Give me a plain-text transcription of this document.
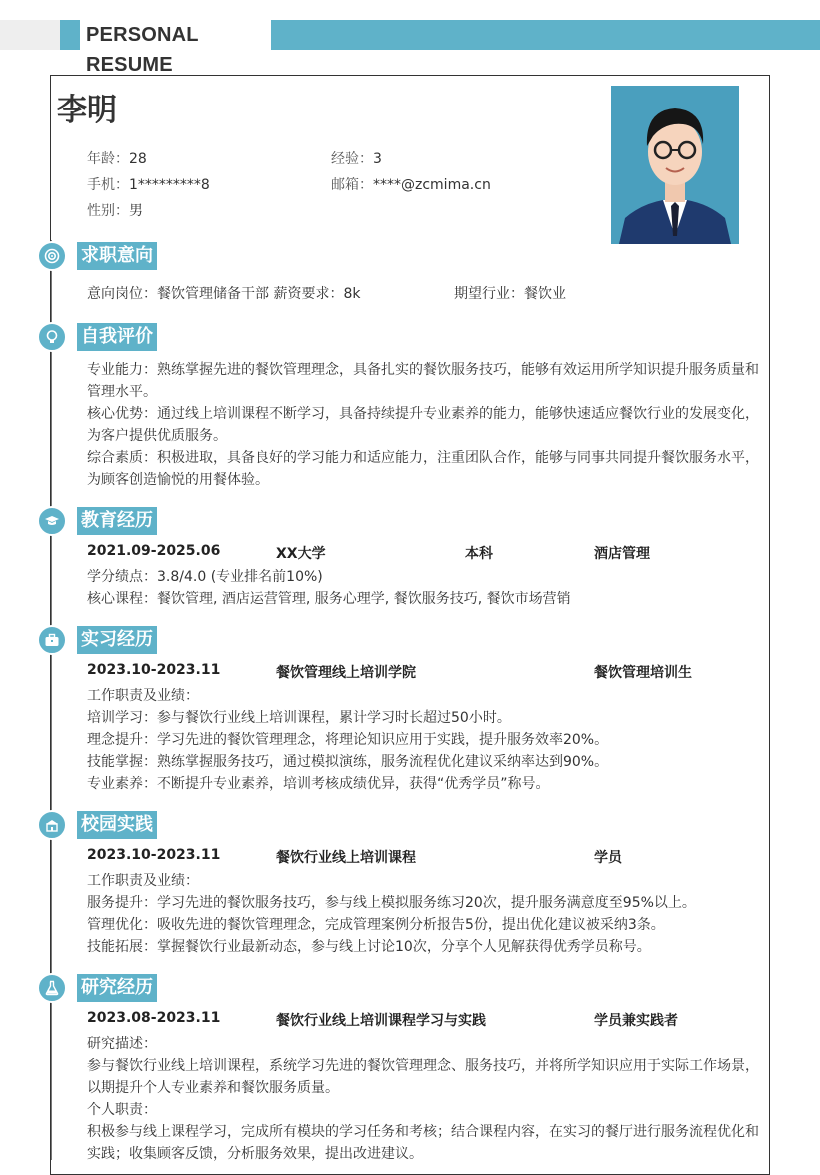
PERSONAL RESUME
李明
年龄：28	经验：3
手机：1*********8	邮箱：****@zcmima.cn
性别：男
求职意向
意向岗位：餐饮管理储备干部 薪资要求：8k	期望行业：餐饮业
自我评价
专业能力：熟练掌握先进的餐饮管理理念，具备扎实的餐饮服务技巧，能够有效运用所学知识提升服务质量和管理水平。
核心优势：通过线上培训课程不断学习，具备持续提升专业素养的能力，能够快速适应餐饮行业的发展变化，为客户提供优质服务。
综合素质：积极进取，具备良好的学习能力和适应能力，注重团队合作，能够与同事共同提升餐饮服务水平，为顾客创造愉悦的用餐体验。
教育经历
2021.09-2025.06	XX大学	本科	酒店管理
学分绩点：3.8/4.0 (专业排名前10%)
核心课程：餐饮管理, 酒店运营管理, 服务心理学, 餐饮服务技巧, 餐饮市场营销
实习经历
2023.10-2023.11	餐饮管理线上培训学院	餐饮管理培训生
工作职责及业绩：
培训学习：参与餐饮行业线上培训课程，累计学习时长超过50小时。
理念提升：学习先进的餐饮管理理念，将理论知识应用于实践，提升服务效率20%。
技能掌握：熟练掌握服务技巧，通过模拟演练，服务流程优化建议采纳率达到90%。
专业素养：不断提升专业素养，培训考核成绩优异，获得“优秀学员”称号。
校园实践
2023.10-2023.11	餐饮行业线上培训课程	学员
工作职责及业绩：
服务提升：学习先进的餐饮服务技巧，参与线上模拟服务练习20次，提升服务满意度至95%以上。
管理优化：吸收先进的餐饮管理理念，完成管理案例分析报告5份，提出优化建议被采纳3条。
技能拓展：掌握餐饮行业最新动态，参与线上讨论10次，分享个人见解获得优秀学员称号。
研究经历
2023.08-2023.11	餐饮行业线上培训课程学习与实践	学员兼实践者
研究描述：
参与餐饮行业线上培训课程，系统学习先进的餐饮管理理念、服务技巧，并将所学知识应用于实际工作场景，以期提升个人专业素养和餐饮服务质量。
个人职责：
积极参与线上课程学习，完成所有模块的学习任务和考核；结合课程内容，在实习的餐厅进行服务流程优化和实践；收集顾客反馈，分析服务效果，提出改进建议。
